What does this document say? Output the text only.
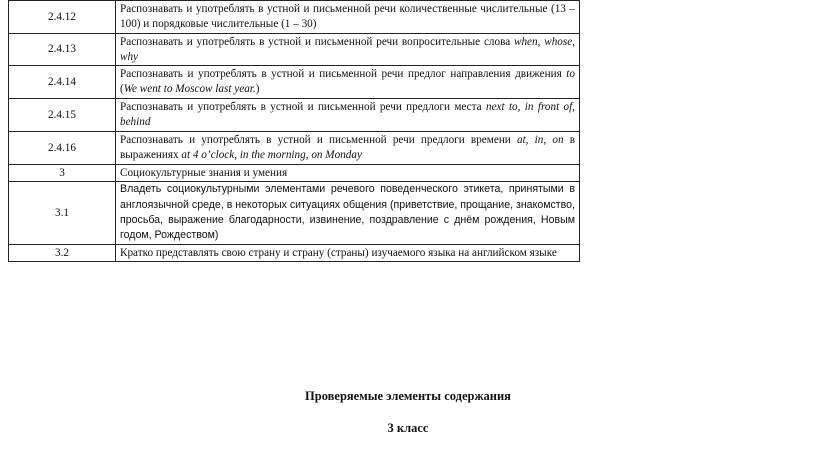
2.4.12	Распознавать и употреблять в устной и письменной речи количественные числительные (13 – 100) и порядковые числительные (1 – 30)
2.4.13	Распознавать и употреблять в устной и письменной речи вопросительные слова when, whose, why
2.4.14	Распознавать и употреблять в устной и письменной речи предлог направления движения to (We went to Moscow last year.)
2.4.15	Распознавать и употреблять в устной и письменной речи предлоги места next to, in front of, behind
2.4.16	Распознавать и употреблять в устной и письменной речи предлоги времени at, in, on в выражениях at 4 o’clock, in the morning, on Monday
3	Социокультурные знания и умения
3.1	Владеть социокультурными элементами речевого поведенческого этикета, принятыми в англоязычной среде, в некоторых ситуациях общения (приветствие, прощание, знакомство, просьба, выражение благодарности, извинение, поздравление с днём рождения, Новым годом, Рождеством)
3.2	Кратко представлять свою страну и страну (страны) изучаемого языка на английском языке
Проверяемые элементы содержания
3 класс
